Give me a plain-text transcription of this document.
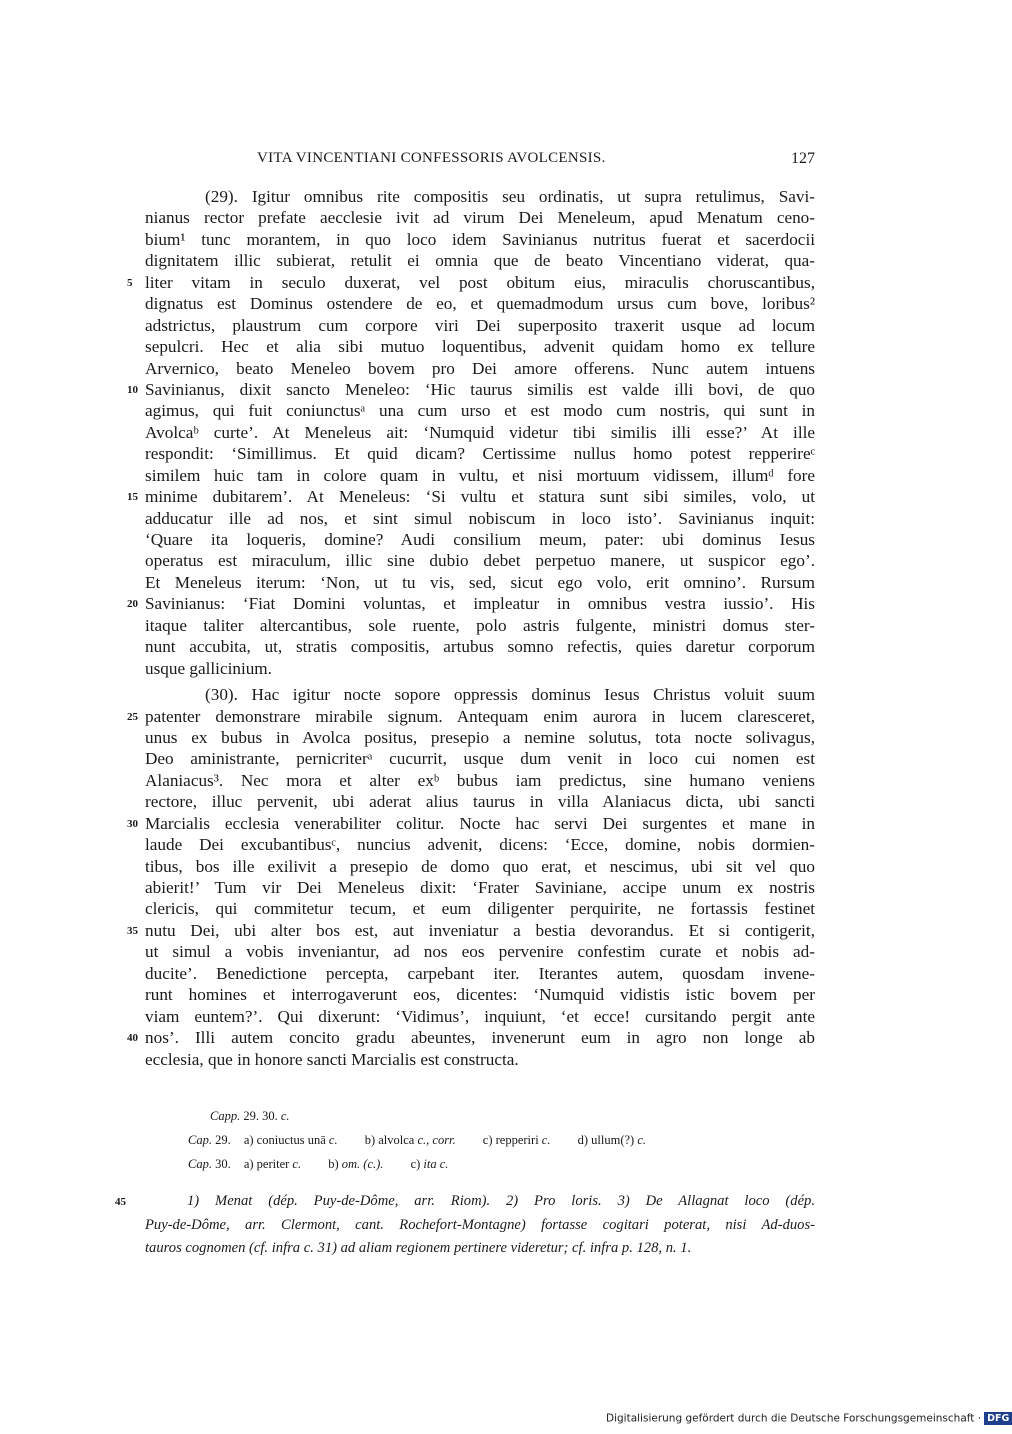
VITA VINCENTIANI CONFESSORIS AVOLCENSIS.	127
(29). Igitur omnibus rite compositis seu ordinatis, ut supra retulimus, Savi-
nianus rector prefate aecclesie ivit ad virum Dei Meneleum, apud Menatum ceno-
bium¹ tunc morantem, in quo loco idem Savinianus nutritus fuerat et sacerdocii
dignitatem illic subierat, retulit ei omnia que de beato Vincentiano viderat, qua-
5 liter vitam in seculo duxerat, vel post obitum eius, miraculis choruscantibus,
dignatus est Dominus ostendere de eo, et quemadmodum ursus cum bove, loribus²
adstrictus, plaustrum cum corpore viri Dei superposito traxerit usque ad locum
sepulcri. Hec et alia sibi mutuo loquentibus, advenit quidam homo ex tellure
Arvernico, beato Meneleo bovem pro Dei amore offerens. Nunc autem intuens
10 Savinianus, dixit sancto Meneleo: ‘Hic taurus similis est valde illi bovi, de quo
agimus, qui fuit coniunctusᵃ una cum urso et est modo cum nostris, qui sunt in
Avolcaᵇ curte’. At Meneleus ait: ‘Numquid videtur tibi similis illi esse?’ At ille
respondit: ‘Simillimus. Et quid dicam? Certissime nullus homo potest repperireᶜ
similem huic tam in colore quam in vultu, et nisi mortuum vidissem, illumᵈ fore
15 minime dubitarem’. At Meneleus: ‘Si vultu et statura sunt sibi similes, volo, ut
adducatur ille ad nos, et sint simul nobiscum in loco isto’. Savinianus inquit:
‘Quare ita loqueris, domine? Audi consilium meum, pater: ubi dominus Iesus
operatus est miraculum, illic sine dubio debet perpetuo manere, ut suspicor ego’.
Et Meneleus iterum: ‘Non, ut tu vis, sed, sicut ego volo, erit omnino’. Rursum
20 Savinianus: ‘Fiat Domini voluntas, et impleatur in omnibus vestra iussio’. His
itaque taliter altercantibus, sole ruente, polo astris fulgente, ministri domus ster-
nunt accubita, ut, stratis compositis, artubus somno refectis, quies daretur corporum
usque gallicinium.
(30). Hac igitur nocte sopore oppressis dominus Iesus Christus voluit suum
25 patenter demonstrare mirabile signum. Antequam enim aurora in lucem clаresceret,
unus ex bubus in Avolca positus, presepio a nemine solutus, tota nocte solivagus,
Deo aministrante, pernicriterᵃ cucurrit, usque dum venit in loco cui nomen est
Alaniacus³. Nec mora et alter exᵇ bubus iam predictus, sine humano veniens
rectore, illuc pervenit, ubi aderat alius taurus in villa Alaniacus dicta, ubi sancti
30 Marcialis ecclesia venerabiliter colitur. Nocte hac servi Dei surgentes et mane in
laude Dei excubantibusᶜ, nuncius advenit, dicens: ‘Ecce, domine, nobis dormien-
tibus, bos ille exilivit a presepio de domo quo erat, et nescimus, ubi sit vel quo
abierit!’ Tum vir Dei Meneleus dixit: ‘Frater Saviniane, accipe unum ex nostris
clericis, qui commitetur tecum, et eum diligenter perquirite, ne fortassis festinet
35 nutu Dei, ubi alter bos est, aut inveniatur a bestia devorandus. Et si contigerit,
ut simul a vobis inveniantur, ad nos eos pervenire confestim curate et nobis ad-
ducite’. Benedictione percepta, carpebant iter. Iterantes autem, quosdam invene-
runt homines et interrogaverunt eos, dicentes: ‘Numquid vidistis istic bovem per
viam euntem?’. Qui dixerunt: ‘Vidimus’, inquiunt, ‘et ecce! cursitando pergit ante
40 nos’. Illi autem concito gradu abeuntes, invenerunt eum in agro non longe ab
ecclesia, que in honore sancti Marcialis est constructa.
Capp. 29. 30. c.
Cap. 29. a) coniuctus unā c. b) alvolca c., corr. c) repperiri c. d) ullum(?) c.
Cap. 30. a) periter c. b) om. (c.). c) ita c.
45	1) Menat (dép. Puy-de-Dôme, arr. Riom). 2) Pro loris. 3) De Allagnat loco (dép.
Puy-de-Dôme, arr. Clermont, cant. Rochefort-Montagne) fortasse cogitari poterat, nisi Ad-duos-
tauros cognomen (cf. infra c. 31) ad aliam regionem pertinere videretur; cf. infra p. 128, n. 1.
Digitalisierung gefördert durch die Deutsche Forschungsgemeinschaft · DFG
